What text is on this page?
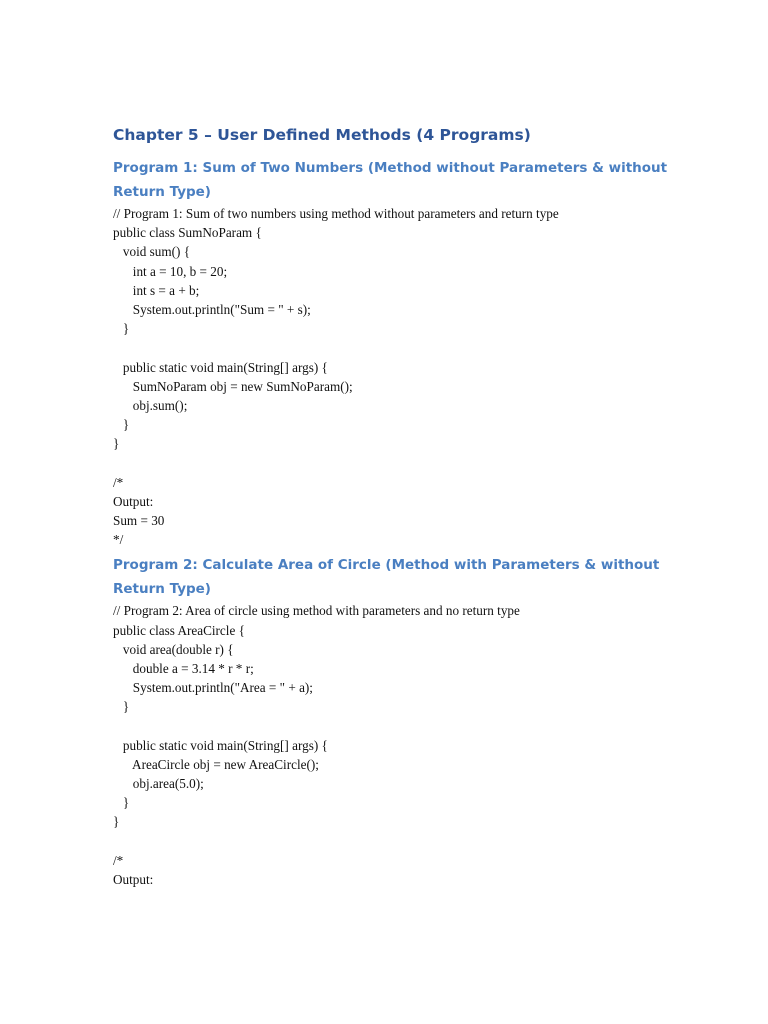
Chapter 5 – User Defined Methods (4 Programs)
Program 1: Sum of Two Numbers (Method without Parameters & without Return Type)
// Program 1: Sum of two numbers using method without parameters and return type
public class SumNoParam {
void sum() {
int a = 10, b = 20;
int s = a + b;
System.out.println("Sum = " + s);
}
public static void main(String[] args) {
SumNoParam obj = new SumNoParam();
obj.sum();
}
}
/*
Output:
Sum = 30
*/
Program 2: Calculate Area of Circle (Method with Parameters & without Return Type)
// Program 2: Area of circle using method with parameters and no return type
public class AreaCircle {
void area(double r) {
double a = 3.14 * r * r;
System.out.println("Area = " + a);
}
public static void main(String[] args) {
AreaCircle obj = new AreaCircle();
obj.area(5.0);
}
}
/*
Output:
